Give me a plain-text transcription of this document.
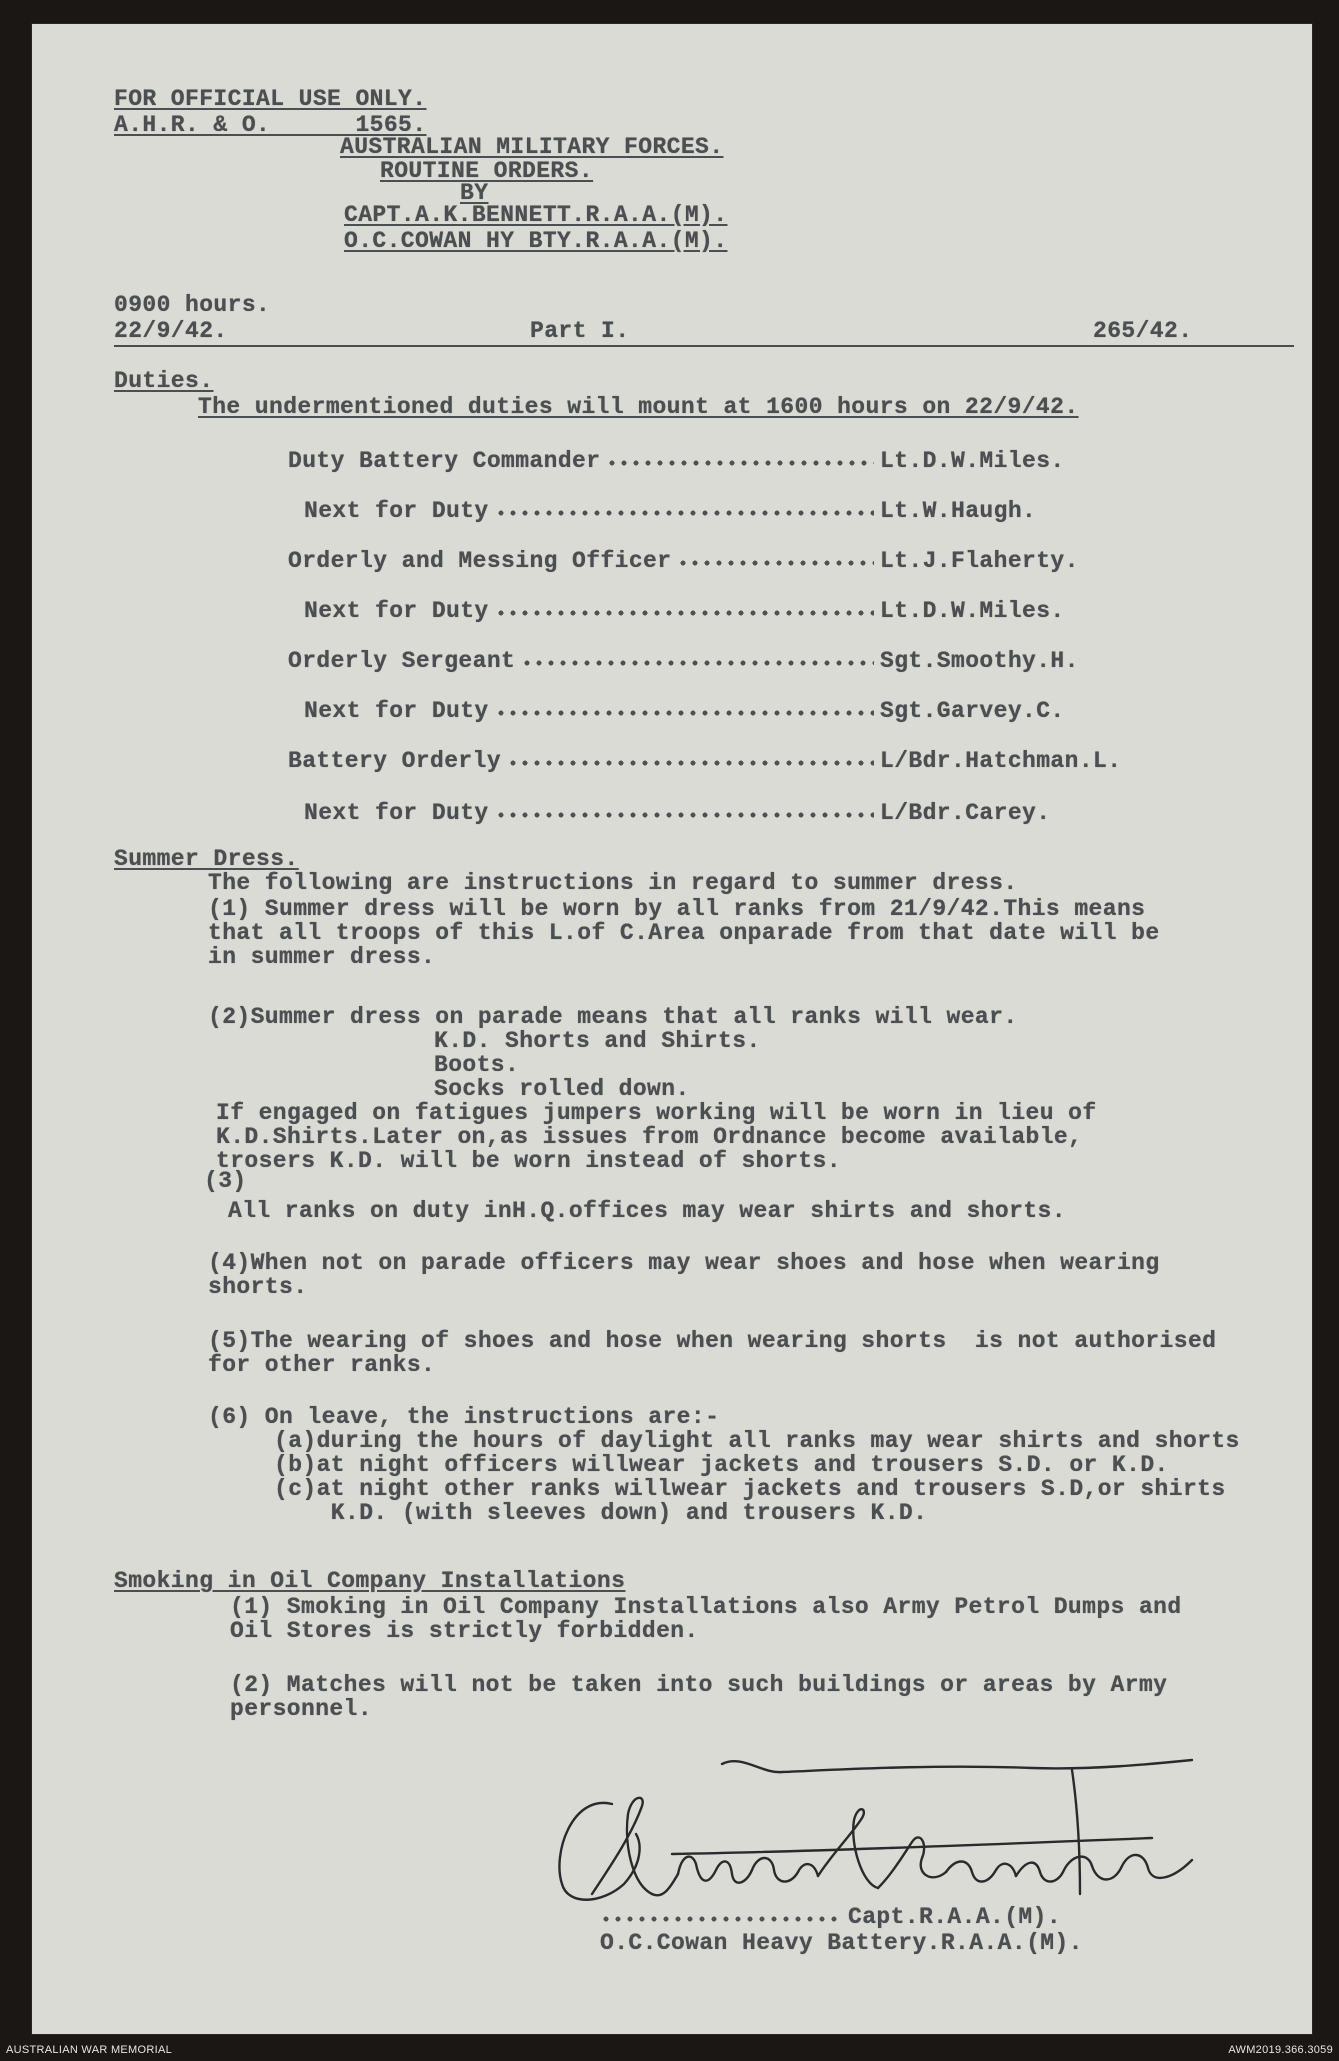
FOR OFFICIAL USE ONLY.
A.H.R. & O.      1565.
AUSTRALIAN MILITARY FORCES.
ROUTINE ORDERS.
BY
CAPT.A.K.BENNETT.R.A.A.(M).
O.C.COWAN HY BTY.R.A.A.(M).
0900 hours.
22/9/42.	Part I.	265/42.
Duties.
The undermentioned duties will mount at 1600 hours on 22/9/42.
Duty Battery Commander	Lt.D.W.Miles.
Next for Duty	Lt.W.Haugh.
Orderly and Messing Officer	Lt.J.Flaherty.
Next for Duty	Lt.D.W.Miles.
Orderly Sergeant	Sgt.Smoothy.H.
Next for Duty	Sgt.Garvey.C.
Battery Orderly	L/Bdr.Hatchman.L.
Next for Duty	L/Bdr.Carey.
Summer Dress.
The following are instructions in regard to summer dress.
(1) Summer dress will be worn by all ranks from 21/9/42.This means
that all troops of this L.of C.Area onparade from that date will be
in summer dress.
(2)Summer dress on parade means that all ranks will wear.
K.D. Shorts and Shirts.
Boots.
Socks rolled down.
If engaged on fatigues jumpers working will be worn in lieu of
K.D.Shirts.Later on,as issues from Ordnance become available,
trosers K.D. will be worn instead of shorts.
(3)
All ranks on duty inH.Q.offices may wear shirts and shorts.
(4)When not on parade officers may wear shoes and hose when wearing
shorts.
(5)The wearing of shoes and hose when wearing shorts  is not authorised
for other ranks.
(6) On leave, the instructions are:-
(a)during the hours of daylight all ranks may wear shirts and shorts
(b)at night officers willwear jackets and trousers S.D. or K.D.
(c)at night other ranks willwear jackets and trousers S.D,or shirts
K.D. (with sleeves down) and trousers K.D.
Smoking in Oil Company Installations
(1) Smoking in Oil Company Installations also Army Petrol Dumps and
Oil Stores is strictly forbidden.
(2) Matches will not be taken into such buildings or areas by Army
personnel.

Capt.R.A.A.(M).
O.C.Cowan Heavy Battery.R.A.A.(M).
AUSTRALIAN WAR MEMORIAL	AWM2019.366.3059
